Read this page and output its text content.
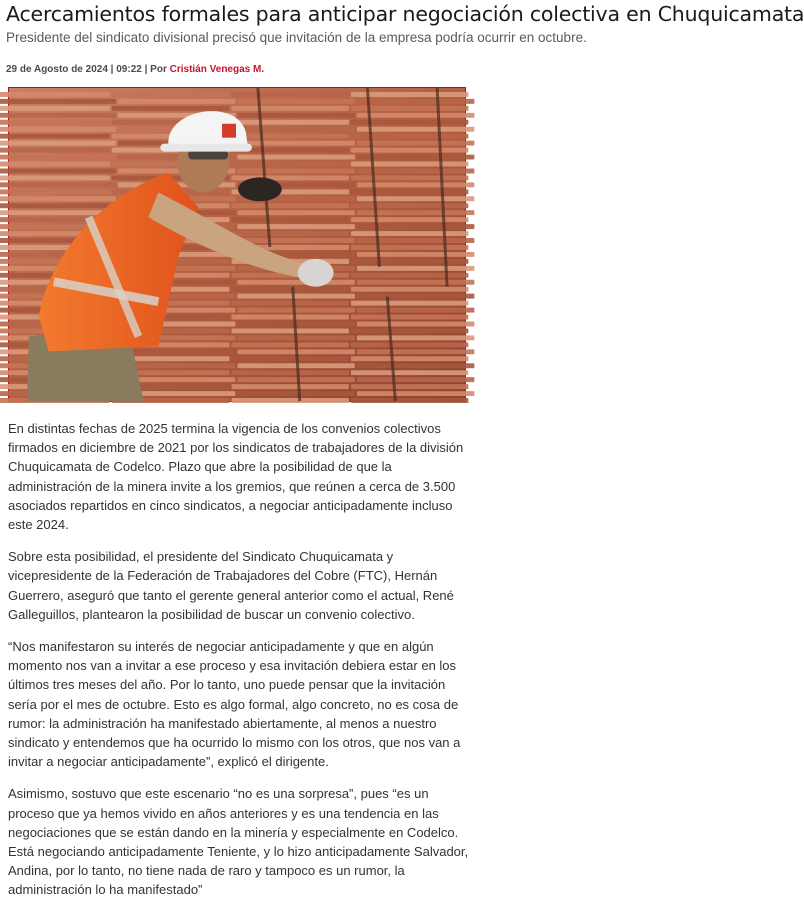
Acercamientos formales para anticipar negociación colectiva en Chuquicamata

Presidente del sindicato divisional precisó que invitación de la empresa podría ocurrir en octubre.

29 de Agosto de 2024 | 09:22 | Por Cristián Venegas M.

En distintas fechas de 2025 termina la vigencia de los convenios colectivos firmados en diciembre de 2021 por los sindicatos de trabajadores de la división Chuquicamata de Codelco. Plazo que abre la posibilidad de que la administración de la minera invite a los gremios, que reúnen a cerca de 3.500 asociados repartidos en cinco sindicatos, a negociar anticipadamente incluso este 2024.

Sobre esta posibilidad, el presidente del Sindicato Chuquicamata y vicepresidente de la Federación de Trabajadores del Cobre (FTC), Hernán Guerrero, aseguró que tanto el gerente general anterior como el actual, René Galleguillos, plantearon la posibilidad de buscar un convenio colectivo.

“Nos manifestaron su interés de negociar anticipadamente y que en algún momento nos van a invitar a ese proceso y esa invitación debiera estar en los últimos tres meses del año. Por lo tanto, uno puede pensar que la invitación sería por el mes de octubre. Esto es algo formal, algo concreto, no es cosa de rumor: la administración ha manifestado abiertamente, al menos a nuestro sindicato y entendemos que ha ocurrido lo mismo con los otros, que nos van a invitar a negociar anticipadamente”, explicó el dirigente.

Asimismo, sostuvo que este escenario “no es una sorpresa”, pues “es un proceso que ya hemos vivido en años anteriores y es una tendencia en las negociaciones que se están dando en la minería y especialmente en Codelco. Está negociando anticipadamente Teniente, y lo hizo anticipadamente Salvador, Andina, por lo tanto, no tiene nada de raro y tampoco es un rumor, la administración lo ha manifestado”
